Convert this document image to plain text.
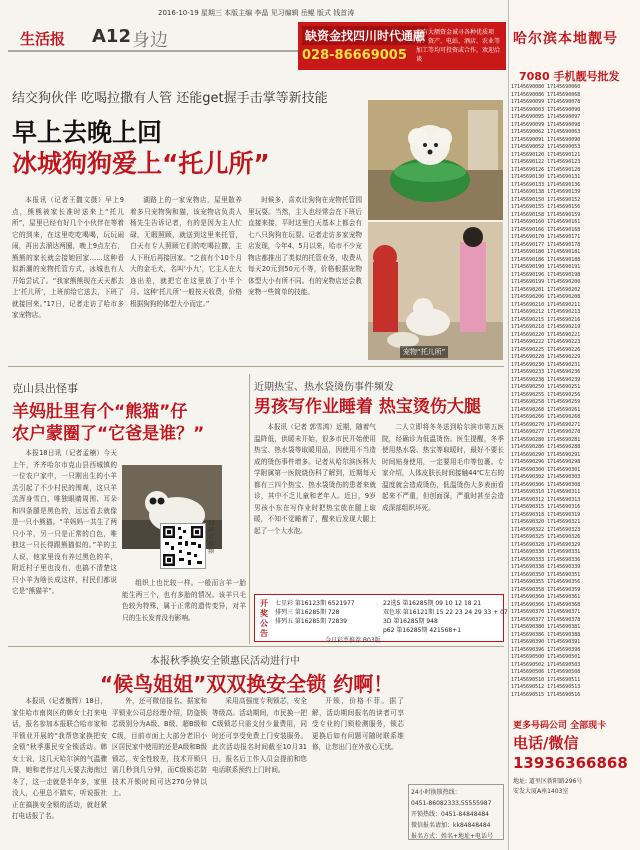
2016-10-19 星期三 本版主编 李晶 见习编辑 岳鲲 版式 钱首涛
生活报 A12 身边	缺资金找四川时代通融
028-86669005
自有大额资金诚寻各种优质项目：资产、电站、酒店、农业等加工等均可投资或合作，欢迎洽谈
哈尔滨本地靓号
7080 手机靓号批发
17145690080 17145690060
17145690086 17145690068
17145690099 17145690078
17145690003 17145690090
17145690095 17145690097
17145690099 17145690098
17145690062 17145690063
17145690091 17145690090
17145690052 17145690053
17145690120 17145690121
17145690122 17145690123
17145690126 17145690128
17145690130 17145690131
17145690133 17145690136
17145690138 17145690139
17145690150 17145690152
17145690155 17145690156
17145690158 17145690159
17145690160 17145690161
17145690166 17145690168
17145690170 17145690171
17145690177 17145690178
17145690180 17145690181
17145690186 17145690188
17145690190 17145690191
17145690196 17145690198
17145690199 17145690200
17145690201 17145690202
17145690206 17145690208
17145690210 17145690211
17145690212 17145690213
17145690215 17145690216
17145690218 17145690219
17145690220 17145690221
17145690222 17145690223
17145690225 17145690226
17145690228 17145690229
17145690230 17145690231
17145690233 17145690236
17145690238 17145690239
17145690250 17145690251
17145690255 17145690256
17145690258 17145690259
17145690260 17145690261
17145690266 17145690268
17145690270 17145690271
17145690277 17145690278
17145690280 17145690281
17145690286 17145690288
17145690290 17145690291
17145690296 17145690298
17145690300 17145690301
17145690302 17145690303
17145690306 17145690308
17145690310 17145690311
17145690312 17145690313
17145690315 17145690316
17145690318 17145690319
17145690320 17145690321
17145690322 17145690323
17145690325 17145690326
17145690328 17145690329
17145690330 17145690331
17145690333 17145690336
17145690338 17145690339
17145690350 17145690351
17145690355 17145690356
17145690358 17145690359
17145690360 17145690361
17145690366 17145690368
17145690370 17145690371
17145690377 17145690378
17145690380 17145690381
17145690386 17145690388
17145690390 17145690391
17145690396 17145690398
17145690500 17145690501
17145690502 17145690503
17145690506 17145690508
17145690510 17145690511
17145690512 17145690513
17145690515 17145690516
更多号码公司 全部现卡
电话/微信
13936366868
地址: 道里区新阳路296号
安发大厦A座1403室
结交狗伙伴 吃喝拉撒有人管 还能get握手击掌等新技能
早上去晚上回
冰城狗狗爱上“托儿所”
宠物“托儿所”

本报讯（记者王馥文摄）早上9点，熊熊被家长准时送来上“托儿所”，屋里已经有好几个小伙伴在等着它的到来，在这里吃吃喝喝，玩玩闹闹，再出去溜达两圈，晚上9点左右，熊熊的家长就会接她回家……这种看似新潮的宠物托管方式，冰城也有人开始尝试了。“我家熊熊现在天天都去上‘托儿所’，上班前给它送去，下班了就接回来。”17日，记者走访了哈市多家宠物店。

湖路上的一家宠物店，屋里散养着多只宠物狗和猫，该宠物店负责人杨先生告诉记者，有的是因为主人忙碌，无暇照顾，就送到这里来托管，白天有专人照顾它们的吃喝拉撒，主人下班后再接回家。“之前有个10个月大的金毛犬，名叫‘小九’，它主人在大连出差，就把它在这里放了小半个月。这种‘托儿所’一般按天收费，价格根据狗狗的体型大小而定。”

时候多，喜欢让狗狗在宠物托管园里玩耍。当然，主人也经常会在下班后直接来接，平时这里白天基本上都会有七八只狗狗在玩耍。记者走访多家宠物店发现，今年4、5月以来，哈市不少宠物店都推出了类似的托管业务，收费从每天20元到50元不等，价格根据宠物体型大小有所不同。有的宠物店还会教宠物一些简单的技能。

克山县出怪事
羊妈肚里有个“熊猫”仔
农户蒙圈了“它爸是谁？”

本报18日讯（记者孟楠）今天上午，齐齐哈尔市克山县西城镇的一位农户家中，一只刚出生的小羊羔引起了不少村民的围观，这只羊羔浑身雪白，唯独眼睛周围、耳朵和四条腿是黑色的，远远看去就像是一只小熊猫。“羊妈妈一共生了两只小羊，另一只是正常的白色，唯独这一只长得跟熊猫似的。”羊的主人说，他家里没有养过黑色的羊，附近村子里也没有，也搞不清楚这只小羊为啥长成这样，村民们都说它是“熊猫羊”。

扫码看视频

组织上也比较一样。一般而言羊一胎能生两三个，也有多胎的情况。该羊只毛色较为特殊，属于正常的遗传变异，对羊只的生长发育没有影响。

近期热宝、热水袋烫伤事件频发
男孩写作业睡着 热宝烫伤大腿

本报讯（记者 郭雪鸿）近期，随着气温降低，供暖未开始，很多市民开始使用热宝、热水袋等取暖用品，因使用不当造成的烫伤事件增多。记者从哈尔滨医科大学附属第一医院烧伤科了解到，近期每天都有三四个热宝、热水袋烫伤的患者来就诊，其中不乏儿童和老年人。近日，9岁男孩小东在写作业时把热宝放在腿上取暖，不知不觉睡着了，醒来后发现大腿上起了一个大水泡。

二人立即将冬冬送到哈尔滨市第五医院，经确诊为低温烫伤。医生提醒，冬季使用热水袋、热宝等取暖时，最好不要长时间贴身使用，一定要用毛巾等包裹。专家介绍，人体皮肤长时间接触44℃左右的温度就会造成烫伤，低温烫伤大多表面看起来不严重，但创面深，严重时甚至会造成深部组织坏死。

开奖公告
七星彩 第16123期 6521977
排列三 第16285期 728
排列五 第16285期 72839
22选5 第16285期 09 10 12 18 21
双色球 第16121期 15 22 23 24 29 33 + 07
3D 第16285期 948
p62 第16285期 421568+1
今日彩票推荐 B03版
本报秋季换安全锁惠民活动进行中
“候鸟姐姐”双双换安全锁 约啊！

本报讯（记者衡辉）18日，家住哈市南岗区的韩女士打来电话，报名参加本报联合哈市家和平锁业开展的“我帮您家换把安全锁”秋季惠民安全锁活动。韩女士说，这几天哈尔滨的气温骤降，她和老伴过几天要去海南过冬了，这一走就是半年多，家里没人，心里总不踏实，听说报社正在搞换安全锁的活动，就赶紧打电话报了名。

外，还可微信报名。据家和平锁业公司总经理介绍，防盗锁芯级别分为A级、B级、超B级和C级，目前市面上大部分老旧小区居民家中使用的还是A级和B级锁芯，安全性较差，技术开锁只需几秒到几分钟，而C级锁芯防技术开锁时间可达270分钟以上。

采用高强度专利锁芯，安全等级高。活动期间，市民换一把C级锁芯只需支付少量费用，同时还可享受免费上门安装服务。此次活动报名时间截至10月31日，报名后工作人员会提前和您电话联系预约上门时间。

开锁，价格不菲。据了解，活动期间报名的读者可享受专业的门锁检测服务，锁芯更换后如有问题可随时联系维修，让您出门在外放心无忧。

24小时换锁热线：
0451-86082333,55555987
开锁热线：0451-84848484
微信报名请加：kk84848484
报名方式：姓名+地址+电话号
